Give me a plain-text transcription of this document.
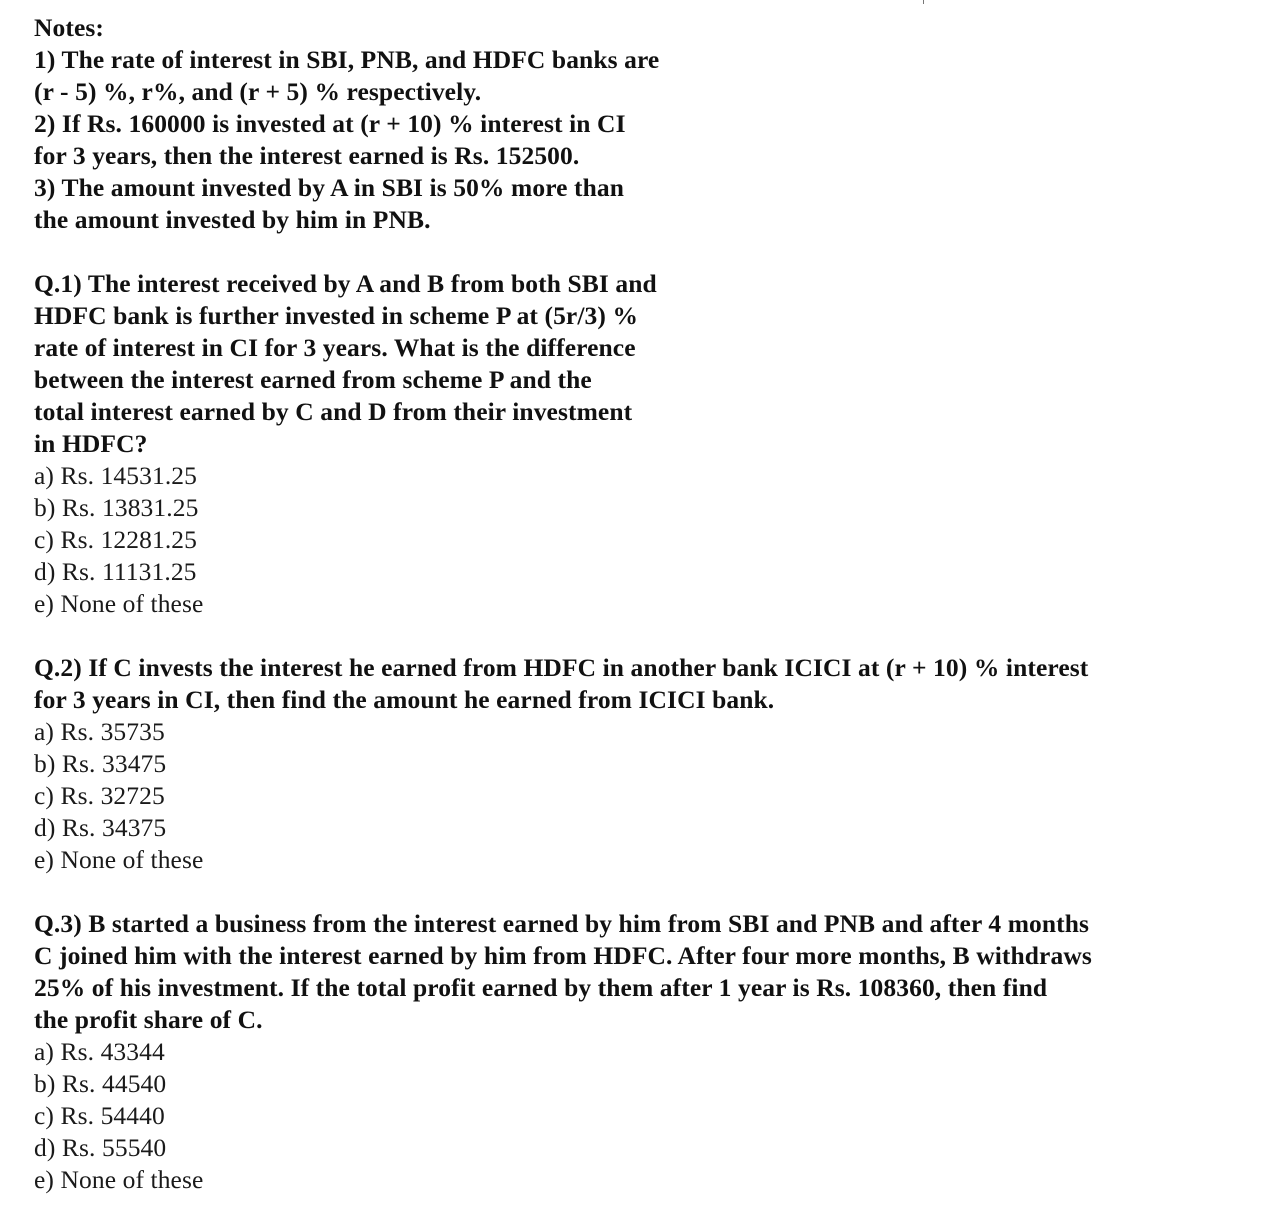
Notes:
1) The rate of interest in SBI, PNB, and HDFC banks are
(r - 5) %, r%, and (r + 5) % respectively.
2) If Rs. 160000 is invested at (r + 10) % interest in CI
for 3 years, then the interest earned is Rs. 152500.
3) The amount invested by A in SBI is 50% more than
the amount invested by him in PNB.
Q.1) The interest received by A and B from both SBI and
HDFC bank is further invested in scheme P at (5r/3) %
rate of interest in CI for 3 years. What is the difference
between the interest earned from scheme P and the
total interest earned by C and D from their investment
in HDFC?
a) Rs. 14531.25
b) Rs. 13831.25
c) Rs. 12281.25
d) Rs. 11131.25
e) None of these
Q.2) If C invests the interest he earned from HDFC in another bank ICICI at (r + 10) % interest
for 3 years in CI, then find the amount he earned from ICICI bank.
a) Rs. 35735
b) Rs. 33475
c) Rs. 32725
d) Rs. 34375
e) None of these
Q.3) B started a business from the interest earned by him from SBI and PNB and after 4 months
C joined him with the interest earned by him from HDFC. After four more months, B withdraws
25% of his investment. If the total profit earned by them after 1 year is Rs. 108360, then find
the profit share of C.
a) Rs. 43344
b) Rs. 44540
c) Rs. 54440
d) Rs. 55540
e) None of these
